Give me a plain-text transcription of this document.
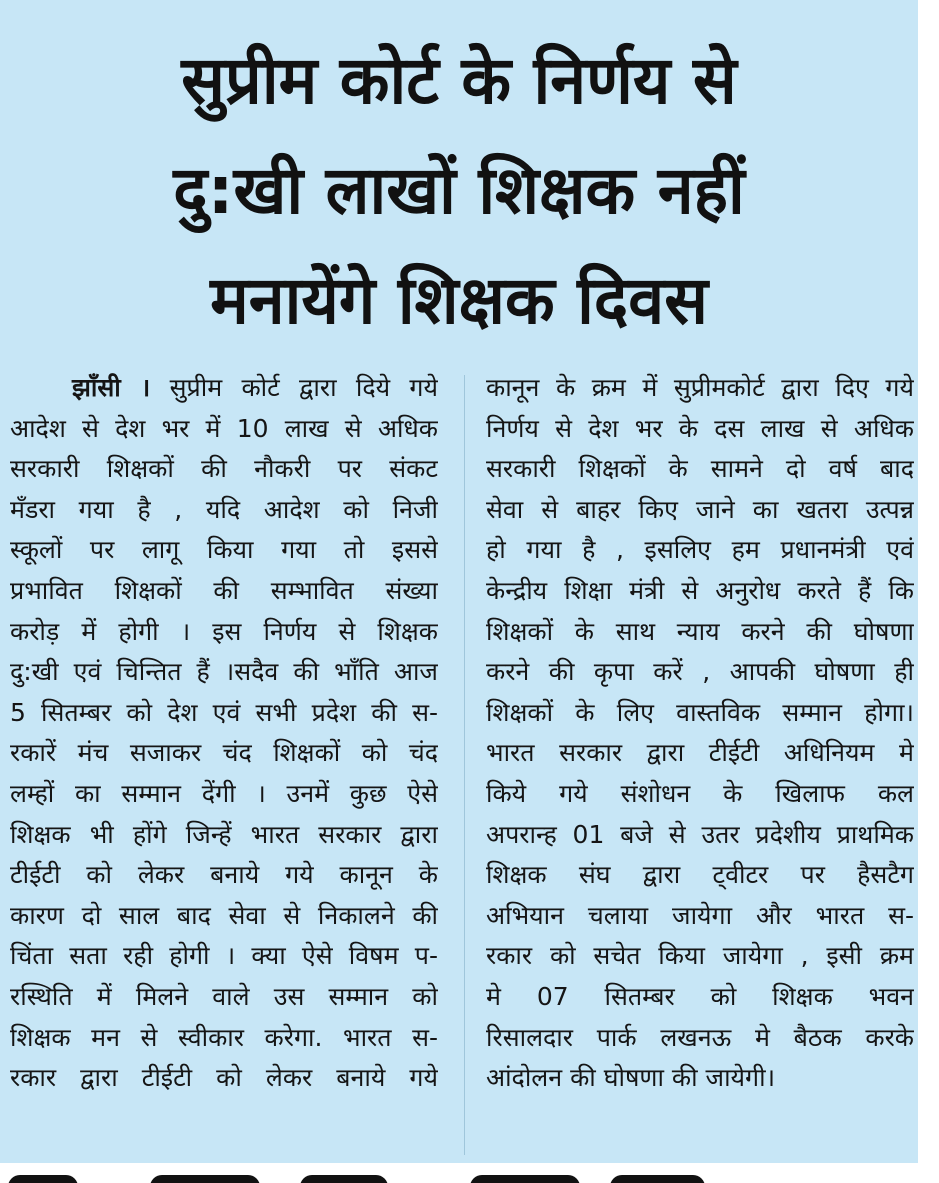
सुप्रीम कोर्ट के निर्णय से
दु:खी लाखों शिक्षक नहीं
मनायेंगे शिक्षक दिवस
झाँसी । सुप्रीम कोर्ट द्वारा दिये गये
आदेश से देश भर में 10 लाख से अधिक
सरकारी शिक्षकों की नौकरी पर संकट
मँडरा गया है , यदि आदेश को निजी
स्कूलों पर लागू किया गया तो इससे
प्रभावित शिक्षकों की सम्भावित संख्या
करोड़ में होगी । इस निर्णय से शिक्षक
दु:खी एवं चिन्तित हैं ।सदैव की भाँति आज
5 सितम्बर को देश एवं सभी प्रदेश की स-
रकारें मंच सजाकर चंद शिक्षकों को चंद
लम्हों का सम्मान देंगी । उनमें कुछ ऐसे
शिक्षक भी होंगे जिन्हें भारत सरकार द्वारा
टीईटी को लेकर बनाये गये कानून के
कारण दो साल बाद सेवा से निकालने की
चिंता सता रही होगी । क्या ऐसे विषम प-
रस्थिति में मिलने वाले उस सम्मान को
शिक्षक मन से स्वीकार करेगा. भारत स-
रकार द्वारा टीईटी को लेकर बनाये गये
कानून के क्रम में सुप्रीमकोर्ट द्वारा दिए गये
निर्णय से देश भर के दस लाख से अधिक
सरकारी शिक्षकों के सामने दो वर्ष बाद
सेवा से बाहर किए जाने का खतरा उत्पन्न
हो गया है , इसलिए हम प्रधानमंत्री एवं
केन्द्रीय शिक्षा मंत्री से अनुरोध करते हैं कि
शिक्षकों के साथ न्याय करने की घोषणा
करने की कृपा करें , आपकी घोषणा ही
शिक्षकों के लिए वास्तविक सम्मान होगा।
भारत सरकार द्वारा टीईटी अधिनियम मे
किये गये संशोधन के खिलाफ कल
अपरान्ह 01 बजे से उतर प्रदेशीय प्राथमिक
शिक्षक संघ द्वारा ट्वीटर पर हैसटैग
अभियान चलाया जायेगा और भारत स-
रकार को सचेत किया जायेगा , इसी क्रम
मे 07 सितम्बर को शिक्षक भवन
रिसालदार पार्क लखनऊ मे बैठक करके
आंदोलन की घोषणा की जायेगी।
